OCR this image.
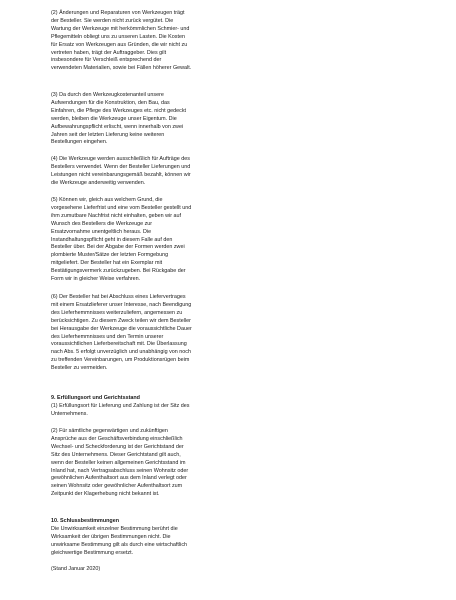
(2) Änderungen und Reparaturen von Werkzeugen trägt
der Besteller. Sie werden nicht zurück vergütet. Die
Wartung der Werkzeuge mit herkömmlichen Schmier- und
Pflegemitteln obliegt uns zu unseren Lasten. Die Kosten
für Ersatz von Werkzeugen aus Gründen, die wir nicht zu
vertreten haben, trägt der Auftraggeber. Dies gilt
insbesondere für Verschleiß entsprechend der
verwendeten Materialien, sowie bei Fällen höherer Gewalt.
(3) Da durch den Werkzeugkostenanteil unsere
Aufwendungen für die Konstruktion, den Bau, das
Einfahren, die Pflege des Werkzeuges etc. nicht gedeckt
werden, bleiben die Werkzeuge unser Eigentum. Die
Aufbewahrungspflicht erlischt, wenn innerhalb von zwei
Jahren seit der letzten Lieferung keine weiteren
Bestellungen eingehen.
(4) Die Werkzeuge werden ausschließlich für Aufträge des
Bestellers verwendet. Wenn der Besteller Lieferungen und
Leistungen nicht vereinbarungsgemäß bezahlt, können wir
die Werkzeuge anderweitig verwenden.
(5) Können wir, gleich aus welchem Grund, die
vorgesehene Lieferfrist und eine vom Besteller gestellt und
ihm zumutbare Nachfrist nicht einhalten, geben wir auf
Wunsch des Bestellers die Werkzeuge zur
Ersatzvornahme unentgeltlich heraus. Die
Instandhaltungspflicht geht in diesem Falle auf den
Besteller über. Bei der Abgabe der Formen werden zwei
plombierte Muster/Sätze der letzten Formgebung
mitgeliefert. Der Besteller hat ein Exemplar mit
Bestätigungsvermerk zurückzugeben. Bei Rückgabe der
Form wir in gleicher Weise verfahren.
(6) Der Besteller hat bei Abschluss eines Liefervertrages
mit einem Ersatzlieferer unser Interesse, nach Beendigung
des Lieferhemmnisses weiterzuliefern, angemessen zu
berücksichtigen. Zu diesem Zweck teilen wir dem Besteller
bei Herausgabe der Werkzeuge die voraussichtliche Dauer
des Lieferhemmnisses und den Termin unserer
voraussichtlichen Lieferbereitschaft mit. Die Überlassung
nach Abs. 5 erfolgt unverzüglich und unabhängig von noch
zu treffenden Vereinbarungen, um Produktionsrügen beim
Besteller zu vermeiden.
9. Erfüllungsort und Gerichtsstand
(1) Erfüllungsort für Lieferung und Zahlung ist der Sitz des
Unternehmens.
(2) Für sämtliche gegenwärtigen und zukünftigen
Ansprüche aus der Geschäftsverbindung einschließlich
Wechsel- und Scheckforderung ist der Gerichtstand der
Sitz des Unternehmens. Dieser Gerichtstand gilt auch,
wenn der Besteller keinen allgemeinen Gerichtsstand im
Inland hat, nach Vertragsabschluss seinen Wohnsitz oder
gewöhnlichen Aufenthaltsort aus dem Inland verlegt oder
seinen Wohnsitz oder gewöhnlicher Aufenthaltsort zum
Zeitpunkt der Klagerhebung nicht bekannt ist.
10. Schlussbestimmungen
Die Unwirksamkeit einzelner Bestimmung berührt die
Wirksamkeit der übrigen Bestimmungen nicht. Die
unwirksame Bestimmung gilt als durch eine wirtschaftlich
gleichwertige Bestimmung ersetzt.
(Stand Januar 2020)
